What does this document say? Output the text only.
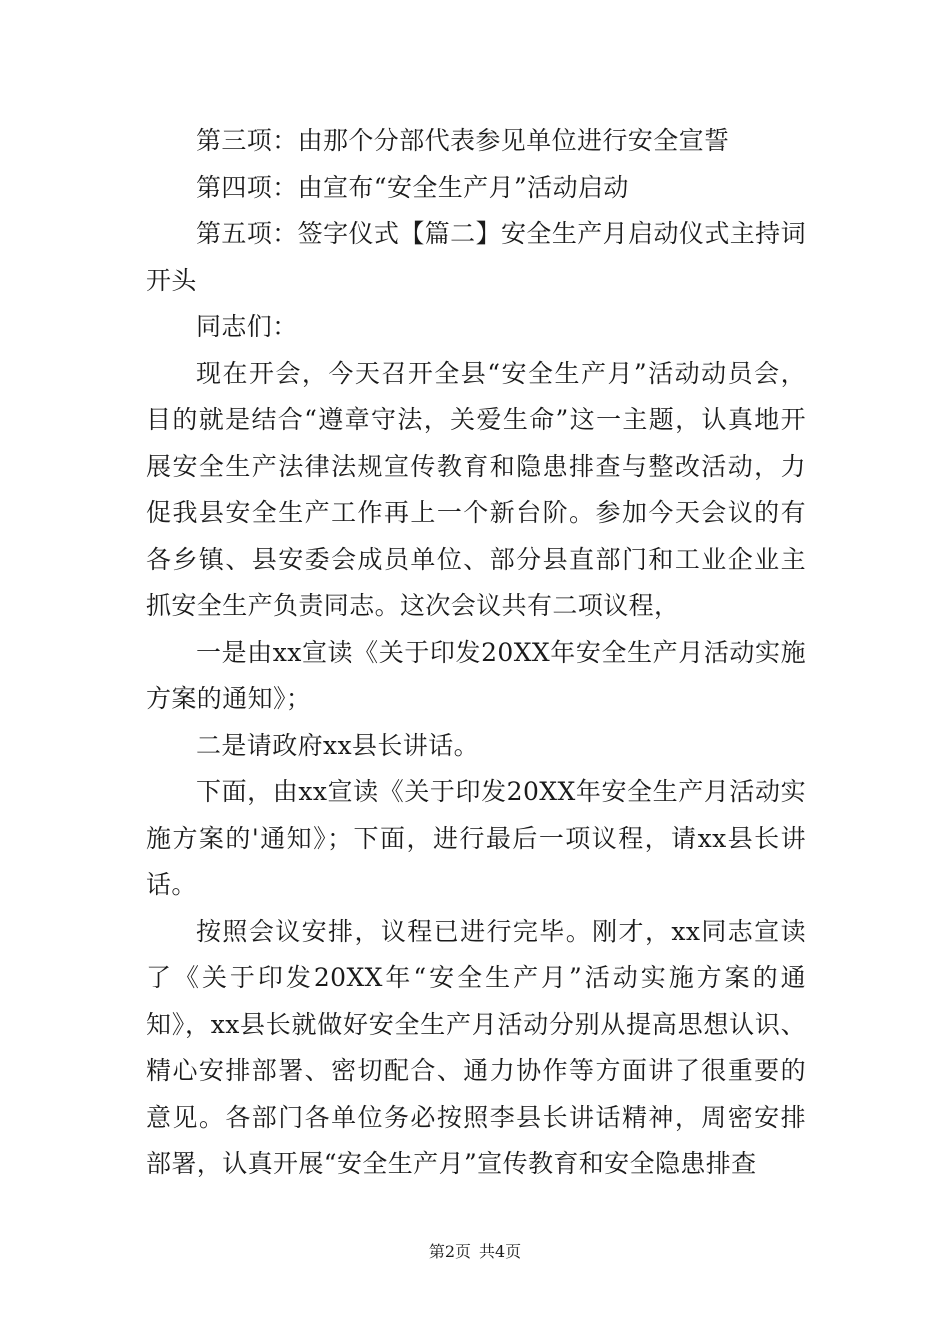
第三项：由那个分部代表参见单位进行安全宣誓

第四项：由宣布“安全生产月”活动启动

第五项：签字仪式【篇二】安全生产月启动仪式主持词开头

同志们：

现在开会，今天召开全县“安全生产月”活动动员会，目的就是结合“遵章守法，关爱生命”这一主题，认真地开展安全生产法律法规宣传教育和隐患排查与整改活动，力促我县安全生产工作再上一个新台阶。参加今天会议的有各乡镇、县安委会成员单位、部分县直部门和工业企业主抓安全生产负责同志。这次会议共有二项议程，

一是由xx宣读《关于印发20XX年安全生产月活动实施方案的通知》；

二是请政府xx县长讲话。

下面，由xx宣读《关于印发20XX年安全生产月活动实施方案的'通知》；下面，进行最后一项议程，请xx县长讲话。

按照会议安排，议程已进行完毕。刚才，xx同志宣读了《关于印发20XX年“安全生产月”活动实施方案的通知》，xx县长就做好安全生产月活动分别从提高思想认识、精心安排部署、密切配合、通力协作等方面讲了很重要的意见。各部门各单位务必按照李县长讲话精神，周密安排部署，认真开展“安全生产月”宣传教育和安全隐患排查

第2页 共4页
